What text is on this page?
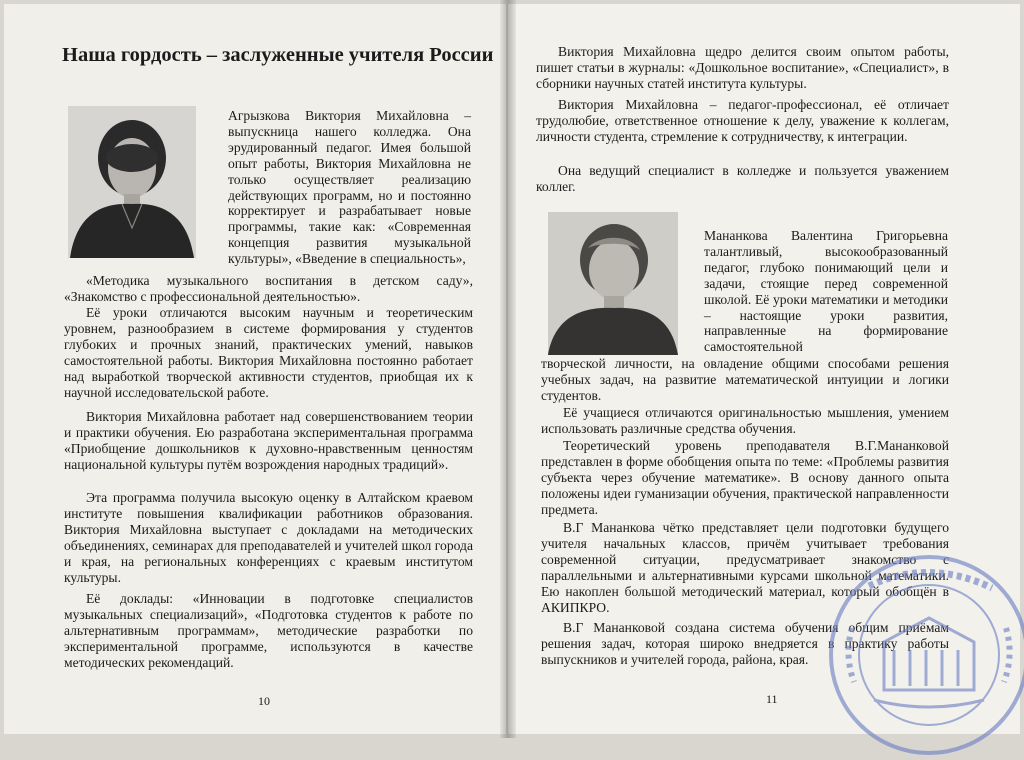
Наша гордость – заслуженные учителя России

Агрызкова Виктория Михайловна – выпускница нашего колледжа. Она эрудированный педагог. Имея большой опыт работы, Виктория Михайловна не только осуществляет реализацию действующих программ, но и постоянно корректирует и разрабатывает новые программы, такие как: «Современная концепция развития музыкальной культуры», «Введение в специальность»,

«Методика музыкального воспитания в детском саду», «Знакомство с профессиональной деятельностью».

Её уроки отличаются высоким научным и теоретическим уровнем, разнообразием в системе формирования у студентов глубоких и прочных знаний, практических умений, навыков самостоятельной работы. Виктория Михайловна постоянно работает над выработкой творческой активности студентов, приобщая их к научной исследовательской работе.

Виктория Михайловна работает над совершенствованием теории и практики обучения. Ею разработана экспериментальная программа «Приобщение дошкольников к духовно-нравственным ценностям национальной культуры путём возрождения народных традиций».

Эта программа получила высокую оценку в Алтайском краевом институте повышения квалификации работников образования. Виктория Михайловна выступает с докладами на методических объединениях, семинарах для преподавателей и учителей школ города и края, на региональных конференциях с краевым институтом культуры.

Её доклады: «Инновации в подготовке специалистов музыкальных специализаций», «Подготовка студентов к работе по альтернативным программам», методические разработки по экспериментальной программе, используются в качестве методических рекомендаций.

10

Виктория Михайловна щедро делится своим опытом работы, пишет статьи в журналы: «Дошкольное воспитание», «Специалист», в сборники научных статей института культуры.

Виктория Михайловна – педагог-профессионал, её отличает трудолюбие, ответственное отношение к делу, уважение к коллегам, личности студента, стремление к сотрудничеству, к интеграции.

Она ведущий специалист в колледже и пользуется уважением коллег.

Мананкова Валентина Григорьевна талантливый, высокообразованный педагог, глубоко понимающий цели и задачи, стоящие перед современной школой. Её уроки математики и методики – настоящие уроки развития, направленные на формирование самостоятельной

творческой личности, на овладение общими способами решения учебных задач, на развитие математической интуиции и логики студентов.

Её учащиеся отличаются оригинальностью мышления, умением использовать различные средства обучения.

Теоретический уровень преподавателя В.Г.Мананковой представлен в форме обобщения опыта по теме: «Проблемы развития субъекта через обучение математике». В основу данного опыта положены идеи гуманизации обучения, практической направленности предмета.

В.Г Мананкова чётко представляет цели подготовки будущего учителя начальных классов, причём учитывает требования современной ситуации, предусматривает знакомство с параллельными и альтернативными курсами школьной математики. Ею накоплен большой методический материал, который обобщён в АКИПКРО.

В.Г Мананковой создана система обучения общим приёмам решения задач, которая широко внедряется в практику работы выпускников и учителей города, района, края.

11
